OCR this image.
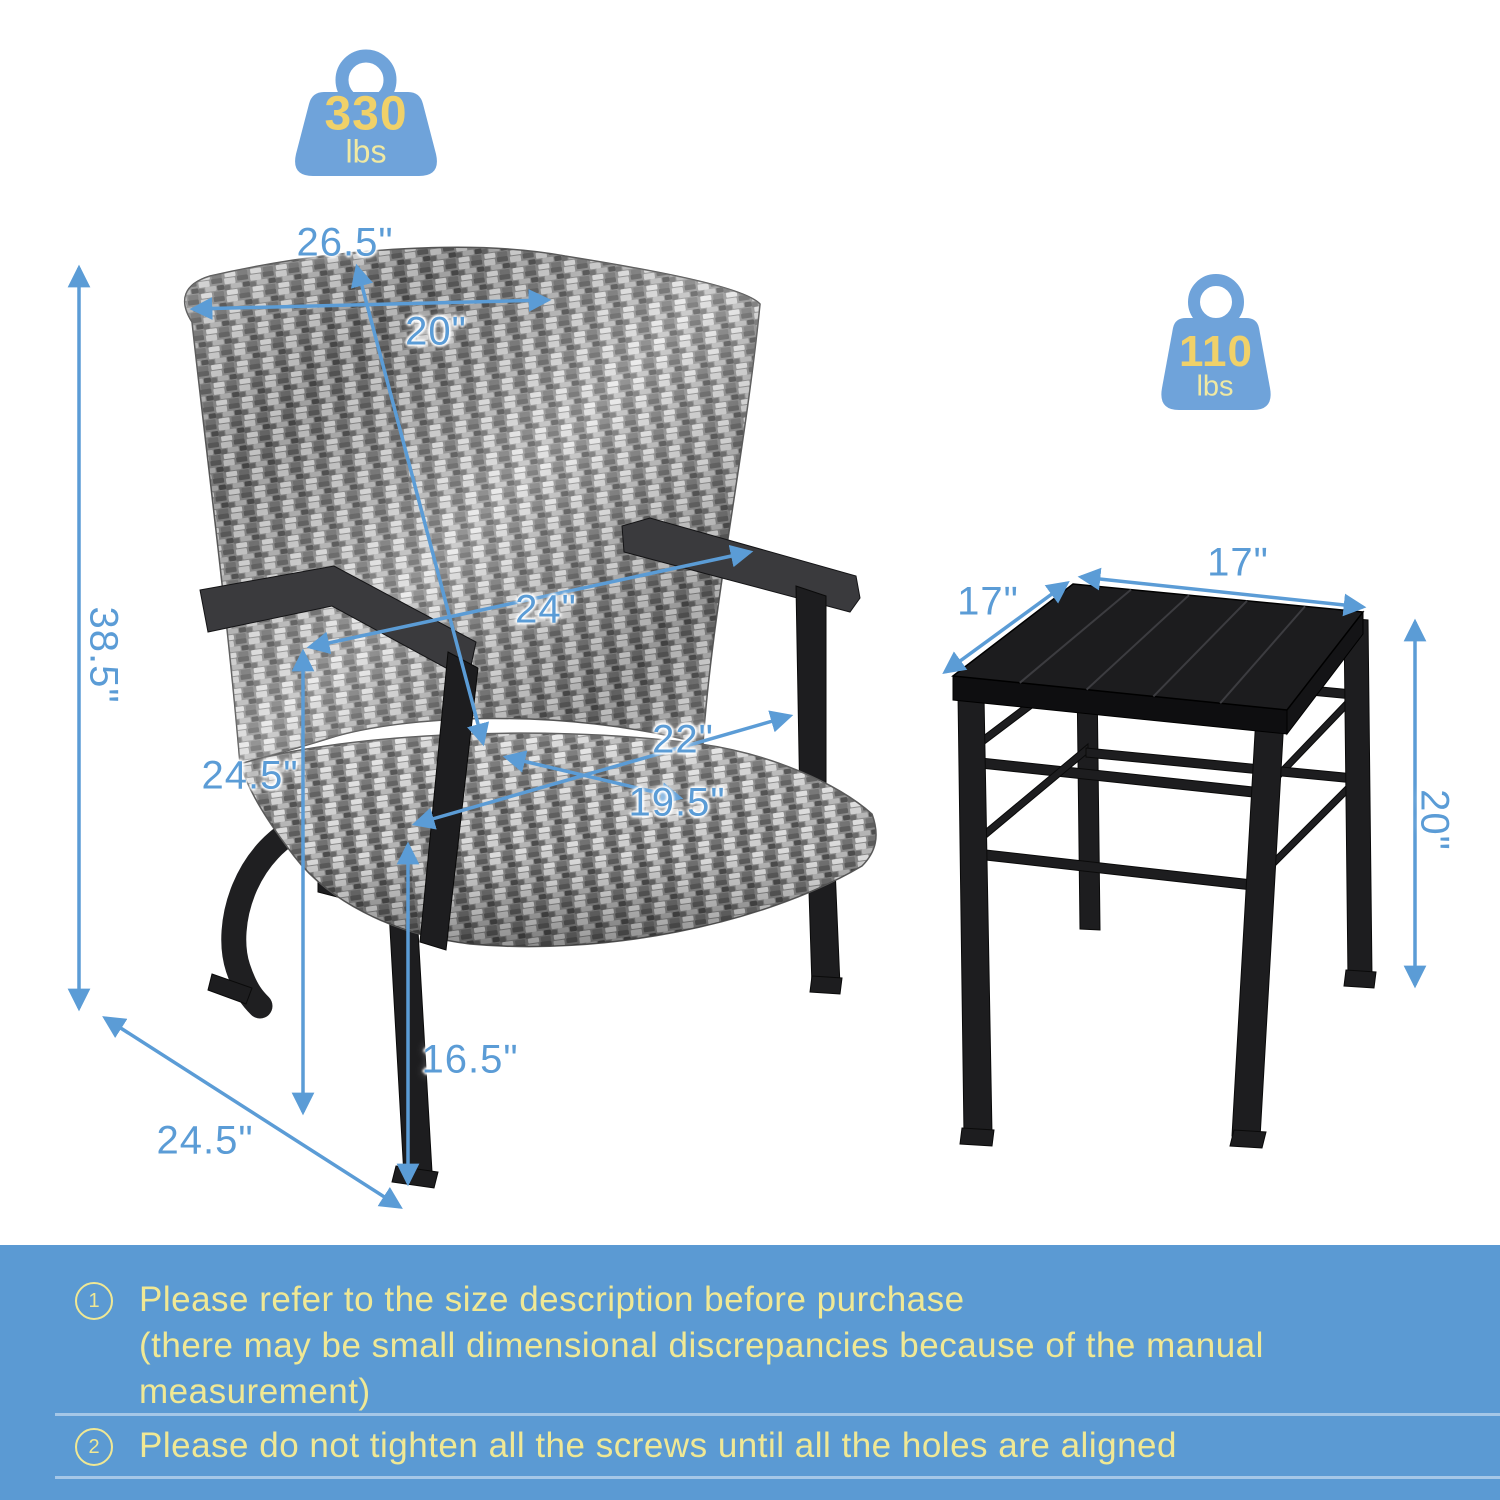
330
lbs
110
lbs
26.5"
20"
38.5"	24"
24.5"
22"
19.5"
16.5"
24.5"
17"
17"
20"
1	Please refer to the size description before purchase
(there may be small dimensional discrepancies because of the manual
measurement)
2	Please do not tighten all the screws until all the holes are aligned
